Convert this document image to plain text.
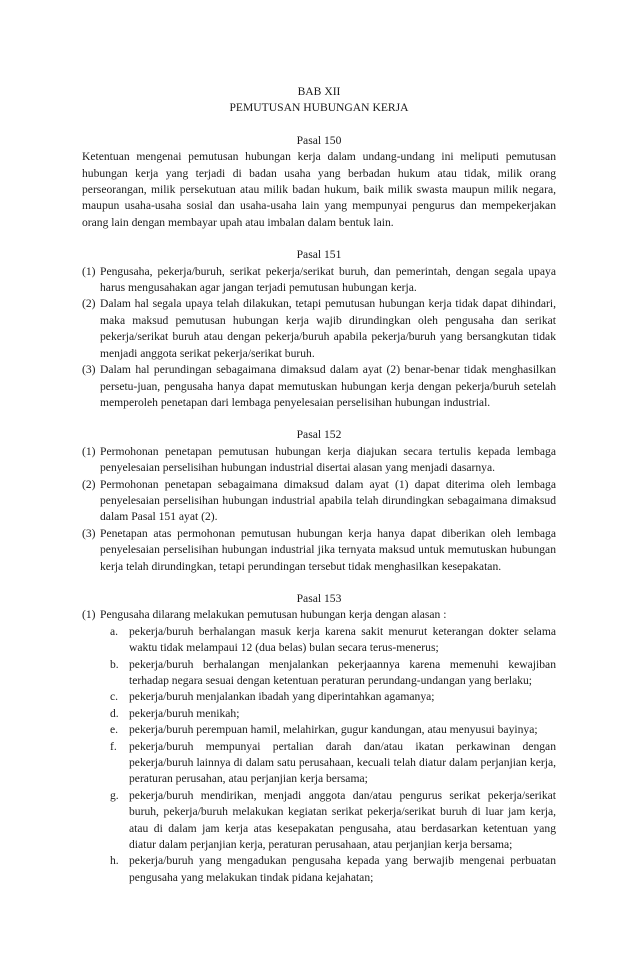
BAB XII

PEMUTUSAN HUBUNGAN KERJA

Pasal 150

Ketentuan mengenai pemutusan hubungan kerja dalam undang-undang ini meliputi pemutusan hubungan kerja yang terjadi di badan usaha yang berbadan hukum atau tidak, milik orang perseorangan, milik persekutuan atau milik badan hukum, baik milik swasta maupun milik negara, maupun usaha-usaha sosial dan usaha-usaha lain yang mempunyai pengurus dan mempekerjakan orang lain dengan membayar upah atau imbalan dalam bentuk lain.

Pasal 151

(1) Pengusaha, pekerja/buruh, serikat pekerja/serikat buruh, dan pemerintah, dengan segala upaya harus mengusahakan agar jangan terjadi pemutusan hubungan kerja.
(2) Dalam hal segala upaya telah dilakukan, tetapi pemutusan hubungan kerja tidak dapat dihindari, maka maksud pemutusan hubungan kerja wajib dirundingkan oleh pengusaha dan serikat pekerja/serikat buruh atau dengan pekerja/buruh apabila pekerja/buruh yang bersangkutan tidak menjadi anggota serikat pekerja/serikat buruh.
(3) Dalam hal perundingan sebagaimana dimaksud dalam ayat (2) benar-benar tidak menghasilkan persetu-juan, pengusaha hanya dapat memutuskan hubungan kerja dengan pekerja/buruh setelah memperoleh penetapan dari lembaga penyelesaian perselisihan hubungan industrial.

Pasal 152

(1) Permohonan penetapan pemutusan hubungan kerja diajukan secara tertulis kepada lembaga penyelesaian perselisihan hubungan industrial disertai alasan yang menjadi dasarnya.
(2) Permohonan penetapan sebagaimana dimaksud dalam ayat (1) dapat diterima oleh lembaga penyelesaian perselisihan hubungan industrial apabila telah dirundingkan sebagaimana dimaksud dalam Pasal 151 ayat (2).
(3) Penetapan atas permohonan pemutusan hubungan kerja hanya dapat diberikan oleh lembaga penyelesaian perselisihan hubungan industrial jika ternyata maksud untuk memutuskan hubungan kerja telah dirundingkan, tetapi perundingan tersebut tidak menghasilkan kesepakatan.

Pasal 153

(1) Pengusaha dilarang melakukan pemutusan hubungan kerja dengan alasan :
a. pekerja/buruh berhalangan masuk kerja karena sakit menurut keterangan dokter selama waktu tidak melampaui 12 (dua belas) bulan secara terus-menerus;
b. pekerja/buruh berhalangan menjalankan pekerjaannya karena memenuhi kewajiban terhadap negara sesuai dengan ketentuan peraturan perundang-undangan yang berlaku;
c. pekerja/buruh menjalankan ibadah yang diperintahkan agamanya;
d. pekerja/buruh menikah;
e. pekerja/buruh perempuan hamil, melahirkan, gugur kandungan, atau menyusui bayinya;
f. pekerja/buruh mempunyai pertalian darah dan/atau ikatan perkawinan dengan pekerja/buruh lainnya di dalam satu perusahaan, kecuali telah diatur dalam perjanjian kerja, peraturan perusahan, atau perjanjian kerja bersama;
g. pekerja/buruh mendirikan, menjadi anggota dan/atau pengurus serikat pekerja/serikat buruh, pekerja/buruh melakukan kegiatan serikat pekerja/serikat buruh di luar jam kerja, atau di dalam jam kerja atas kesepakatan pengusaha, atau berdasarkan ketentuan yang diatur dalam perjanjian kerja, peraturan perusahaan, atau perjanjian kerja bersama;
h. pekerja/buruh yang mengadukan pengusaha kepada yang berwajib mengenai perbuatan pengusaha yang melakukan tindak pidana kejahatan;
